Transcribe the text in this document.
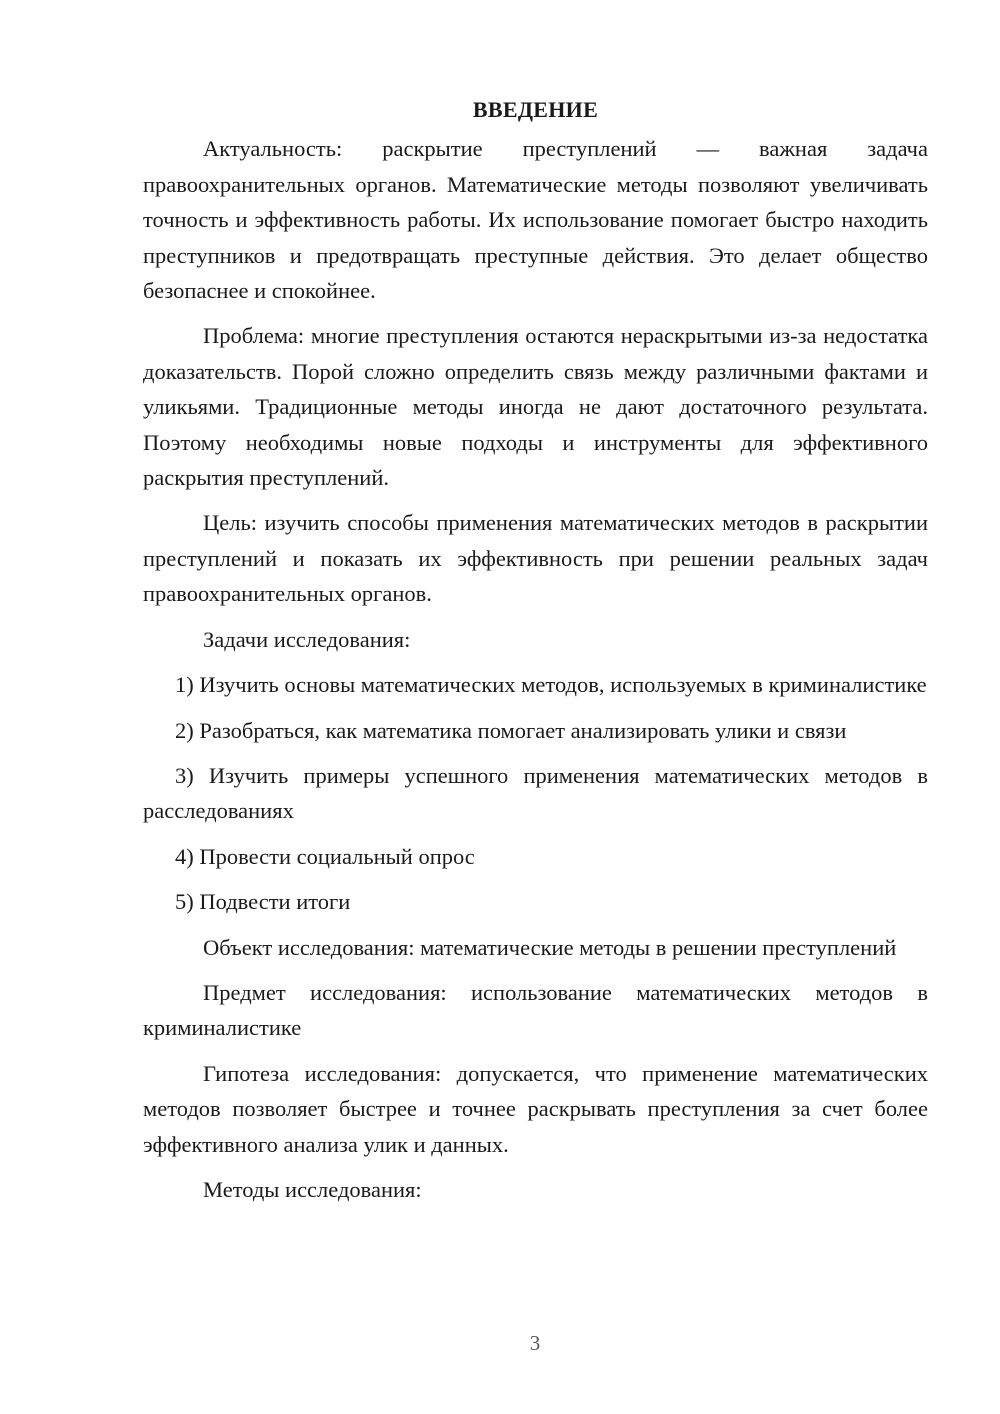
ВВЕДЕНИЕ

Актуальность: раскрытие преступлений — важная задача правоохранительных органов. Математические методы позволяют увеличивать точность и эффективность работы. Их использование помогает быстро находить преступников и предотвращать преступные действия. Это делает общество безопаснее и спокойнее.

Проблема: многие преступления остаются нераскрытыми из-за недостатка доказательств. Порой сложно определить связь между различными фактами и уликьями. Традиционные методы иногда не дают достаточного результата. Поэтому необходимы новые подходы и инструменты для эффективного раскрытия преступлений.

Цель: изучить способы применения математических методов в раскрытии преступлений и показать их эффективность при решении реальных задач правоохранительных органов.

Задачи исследования:

1) Изучить основы математических методов, используемых в криминалистике

2) Разобраться, как математика помогает анализировать улики и связи

3) Изучить примеры успешного применения математических методов в расследованиях

4) Провести социальный опрос

5) Подвести итоги

Объект исследования: математические методы в решении преступлений

Предмет исследования: использование математических методов в криминалистике

Гипотеза исследования: допускается, что применение математических методов позволяет быстрее и точнее раскрывать преступления за счет более эффективного анализа улик и данных.

Методы исследования:

3
